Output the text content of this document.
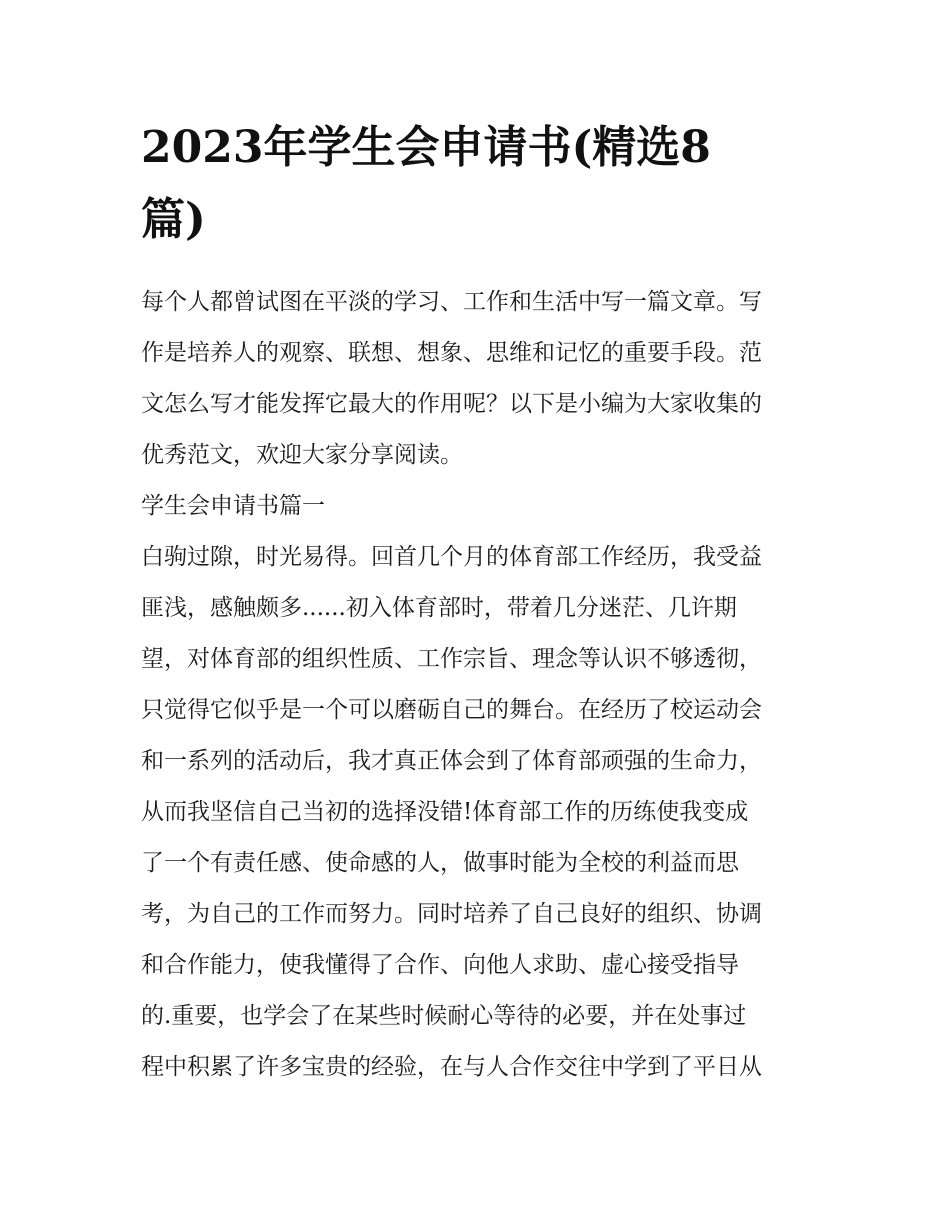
2023年学生会申请书(精选8
篇)
每个人都曾试图在平淡的学习、工作和生活中写一篇文章。写
作是培养人的观察、联想、想象、思维和记忆的重要手段。范
文怎么写才能发挥它最大的作用呢？以下是小编为大家收集的
优秀范文，欢迎大家分享阅读。
学生会申请书篇一
白驹过隙，时光易得。回首几个月的体育部工作经历，我受益
匪浅，感触颇多......初入体育部时，带着几分迷茫、几许期
望，对体育部的组织性质、工作宗旨、理念等认识不够透彻，
只觉得它似乎是一个可以磨砺自己的舞台。在经历了校运动会
和一系列的活动后，我才真正体会到了体育部顽强的生命力，
从而我坚信自己当初的选择没错!体育部工作的历练使我变成
了一个有责任感、使命感的人，做事时能为全校的利益而思
考，为自己的工作而努力。同时培养了自己良好的组织、协调
和合作能力，使我懂得了合作、向他人求助、虚心接受指导
的.重要，也学会了在某些时候耐心等待的必要，并在处事过
程中积累了许多宝贵的经验，在与人合作交往中学到了平日从
